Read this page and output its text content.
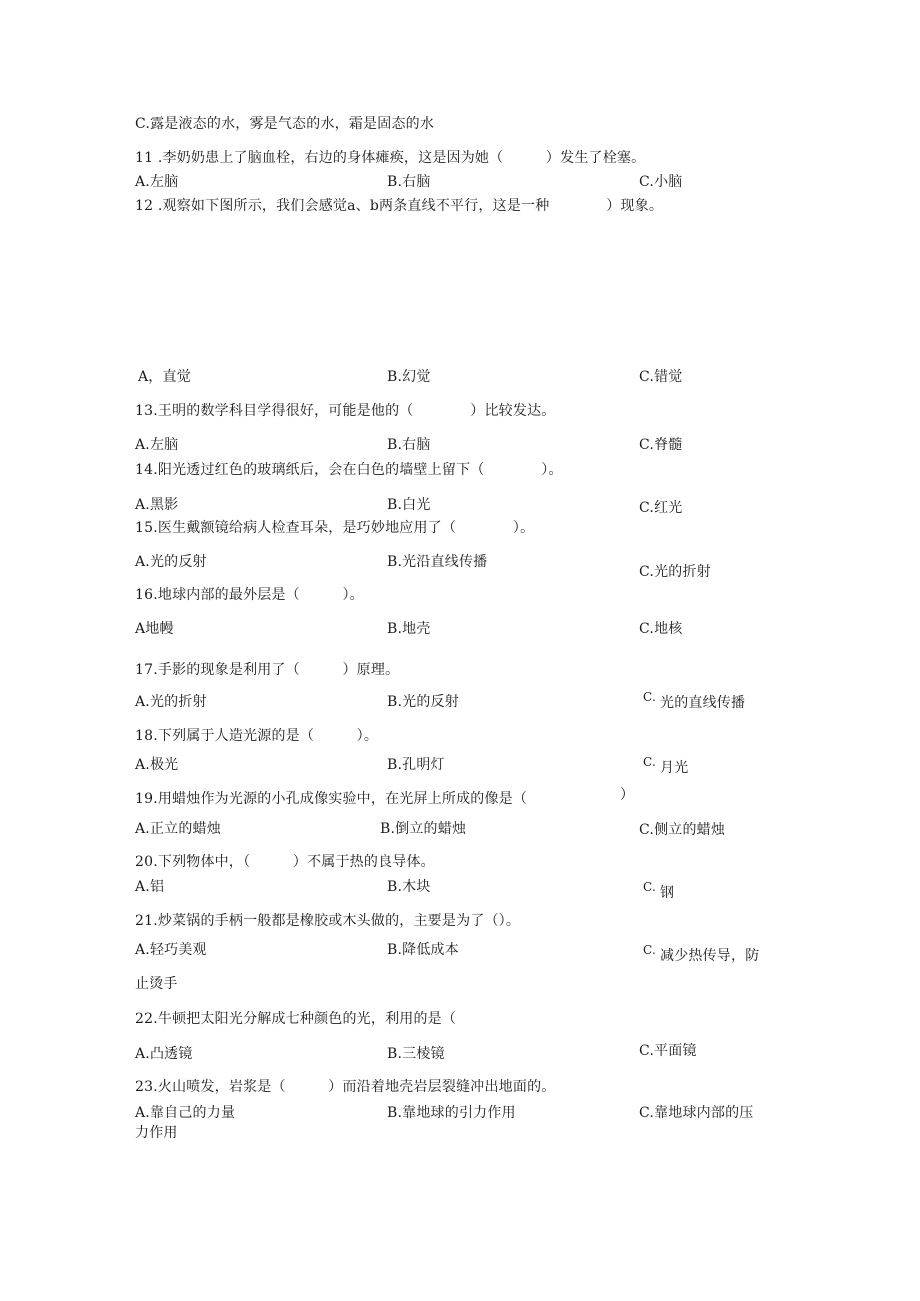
C.露是液态的水，雾是气态的水，霜是固态的水
11 .李奶奶患上了脑血栓，右边的身体瘫痪，这是因为她（　　　）发生了栓塞。
A.左脑	B.右脑	C.小脑
12 .观察如下图所示，我们会感觉a、b两条直线不平行，这是一种　　　　）现象。
A，直觉	B.幻觉	C.错觉
13.王明的数学科目学得很好，可能是他的（　　　　）比较发达。
A.左脑	B.右脑	C.脊髓
14.阳光透过红色的玻璃纸后，会在白色的墙壁上留下（　　　　）。
A.黑影	B.白光	C.红光
15.医生戴额镜给病人检查耳朵，是巧妙地应用了（　　　　）。
A.光的反射	B.光沿直线传播
C.光的折射
16.地球内部的最外层是（　　　）。
A地幔	B.地壳	C.地核
17.手影的现象是利用了（　　　）原理。
A.光的折射	B.光的反射	C. 光的直线传播
18.下列属于人造光源的是（　　　）。
A.极光	B.孔明灯	C. 月光
19.用蜡烛作为光源的小孔成像实验中，在光屏上所成的像是（	）
A.正立的蜡烛	B.倒立的蜡烛	C.侧立的蜡烛
20.下列物体中，（　　　）不属于热的良导体。
A.铝	B.木块	C. 钢
21.炒菜锅的手柄一般都是橡胶或木头做的，主要是为了（）。
A.轻巧美观	B.降低成本	C. 减少热传导，防
止烫手
22.牛顿把太阳光分解成七种颜色的光，利用的是（
A.凸透镜	B.三棱镜	C.平面镜
23.火山喷发，岩浆是（　　　）而沿着地壳岩层裂缝冲出地面的。
A.靠自己的力量	B.靠地球的引力作用	C.靠地球内部的压
力作用
